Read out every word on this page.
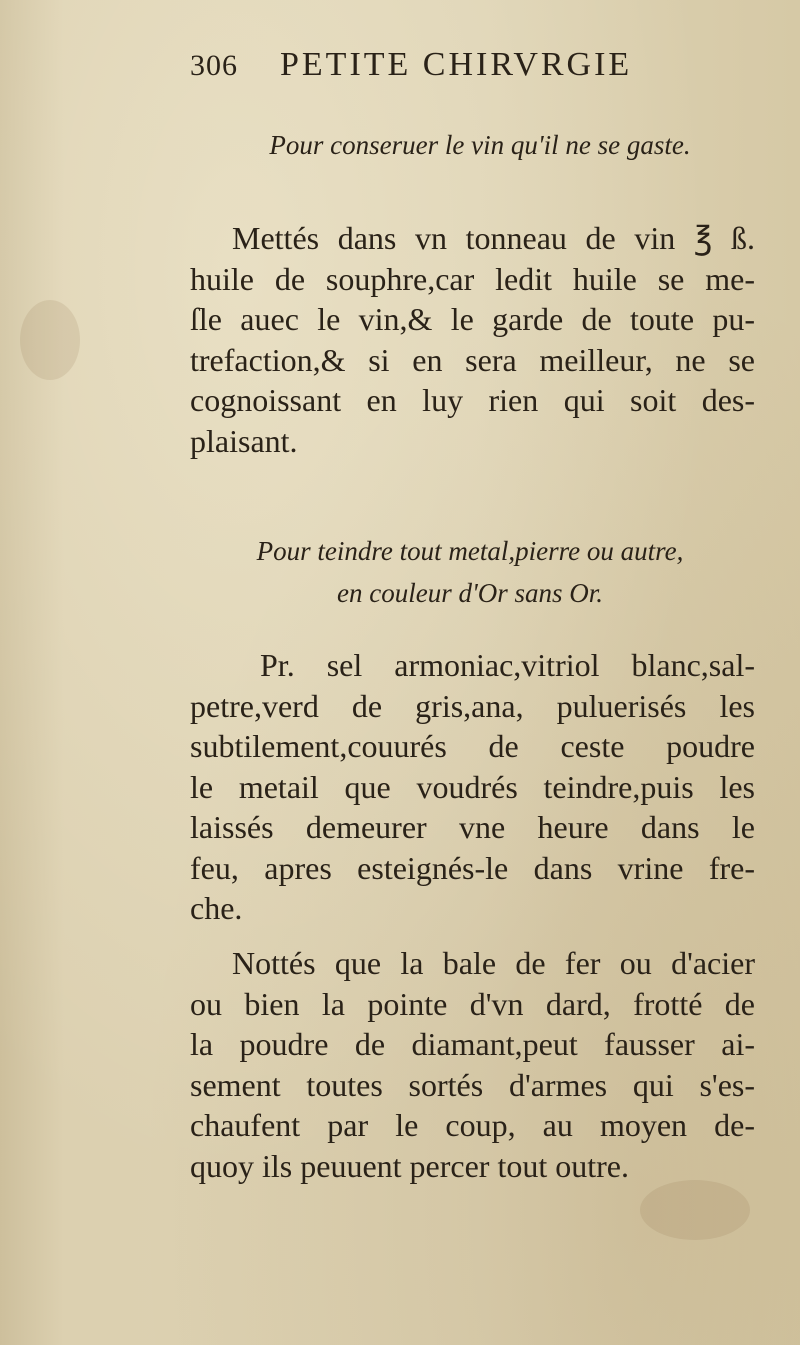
306	PETITE CHIRVRGIE
Pour conseruer le vin qu'il ne se gaste.

Mettés dans vn tonneau de vin ℥ ß.
huile de souphre,car ledit huile se me-
ſle auec le vin,& le garde de toute pu-
trefaction,& si en sera meilleur, ne se
cognoissant en luy rien qui soit des-
plaisant.

Pour teindre tout metal,pierre ou autre,
en couleur d'Or sans Or.

Pr. sel armoniac,vitriol blanc,sal-
petre,verd de gris,ana, puluerisés les
subtilement,couurés de ceste poudre
le metail que voudrés teindre,puis les
laissés demeurer vne heure dans le
feu, apres esteignés-le dans vrine fre-
che.

Nottés que la bale de fer ou d'acier
ou bien la pointe d'vn dard, frotté de
la poudre de diamant,peut fausser ai-
sement toutes sortés d'armes qui s'es-
chaufent par le coup, au moyen de-
quoy ils peuuent percer tout outre.
